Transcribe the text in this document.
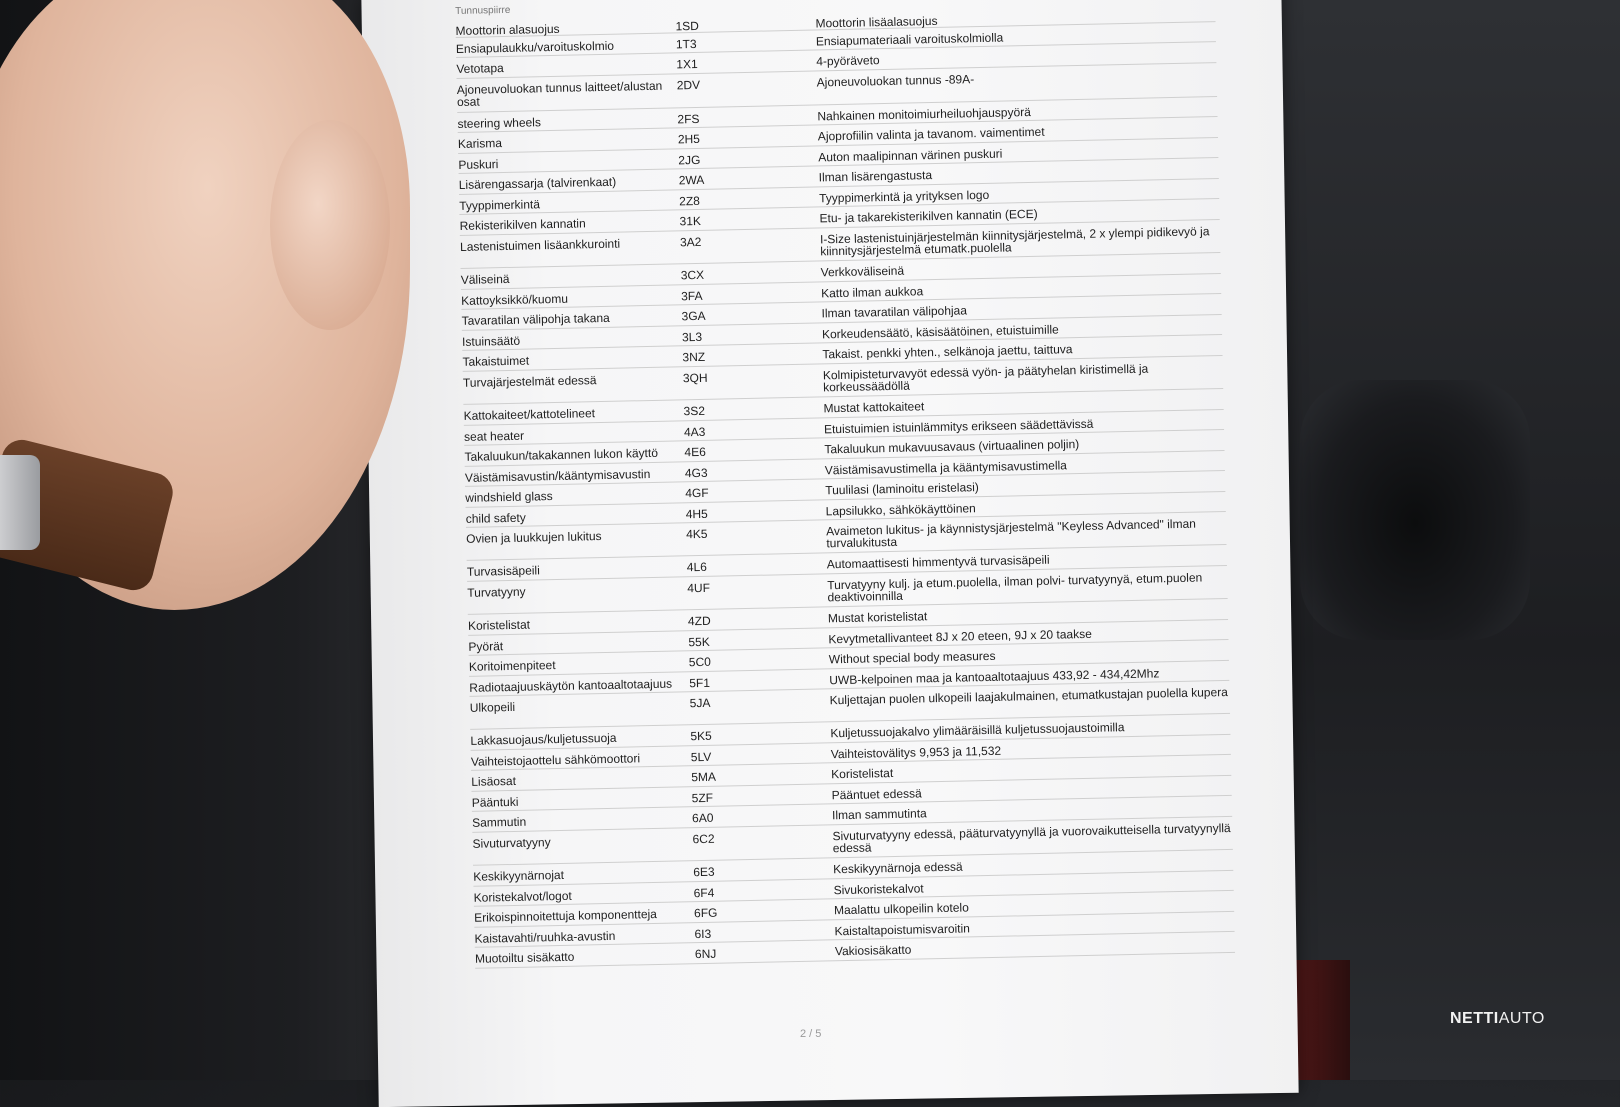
Tunnuspiirre
Moottorin alasuojus	1SD	Moottorin lisäalasuojus
Ensiapulaukku/varoituskolmio	1T3	Ensiapumateriaali varoituskolmiolla
Vetotapa	1X1	4-pyöräveto
Ajoneuvoluokan tunnus laitteet/alustan osat
2DV	Ajoneuvoluokan tunnus -89A-
steering wheels	2FS	Nahkainen monitoimiurheiluohjauspyörä
Karisma	2H5	Ajoprofiilin valinta ja tavanom. vaimentimet
Puskuri	2JG	Auton maalipinnan värinen puskuri
Lisärengassarja (talvirenkaat)	2WA	Ilman lisärengastusta
Tyyppimerkintä	2Z8	Tyyppimerkintä ja yrityksen logo
Rekisterikilven kannatin	31K	Etu- ja takarekisterikilven kannatin (ECE)
Lastenistuimen lisäankkurointi	3A2	I-Size lastenistuinjärjestelmän kiinnitysjärjestelmä, 2 x ylempi pidikevyö ja kiinnitysjärjestelmä etumatk.puolella
Väliseinä	3CX	Verkkoväliseinä
Kattoyksikkö/kuomu	3FA	Katto ilman aukkoa
Tavaratilan välipohja takana	3GA	Ilman tavaratilan välipohjaa
Istuinsäätö	3L3	Korkeudensäätö, käsisäätöinen, etuistuimille
Takaistuimet	3NZ	Takaist. penkki yhten., selkänoja jaettu, taittuva
Turvajärjestelmät edessä	3QH	Kolmipisteturvavyöt edessä vyön- ja päätyhelan kiristimellä ja korkeussäädöllä
Kattokaiteet/kattotelineet	3S2	Mustat kattokaiteet
seat heater	4A3	Etuistuimien istuinlämmitys erikseen säädettävissä
Takaluukun/takakannen lukon käyttö	4E6	Takaluukun mukavuusavaus (virtuaalinen poljin)
Väistämisavustin/kääntymisavustin	4G3	Väistämisavustimella ja kääntymisavustimella
windshield glass	4GF	Tuulilasi (laminoitu eristelasi)
child safety	4H5	Lapsilukko, sähkökäyttöinen
Ovien ja luukkujen lukitus	4K5	Avaimeton lukitus- ja käynnistysjärjestelmä "Keyless Advanced" ilman turvalukitusta
Turvasisäpeili	4L6	Automaattisesti himmentyvä turvasisäpeili
Turvatyyny	4UF	Turvatyyny kulj. ja etum.puolella, ilman polvi- turvatyynyä, etum.puolen deaktivoinnilla
Koristelistat	4ZD	Mustat koristelistat
Pyörät	55K	Kevytmetallivanteet 8J x 20 eteen, 9J x 20 taakse
Koritoimenpiteet	5C0	Without special body measures
Radiotaajuuskäytön kantoaaltotaajuus	5F1	UWB-kelpoinen maa ja kantoaaltotaajuus 433,92 - 434,42Mhz
Ulkopeili	5JA	Kuljettajan puolen ulkopeili laajakulmainen, etumatkustajan puolella kupera
Lakkasuojaus/kuljetussuoja	5K5	Kuljetussuojakalvo ylimääräisillä kuljetussuojaustoimilla
Vaihteistojaottelu sähkömoottori	5LV	Vaihteistovälitys 9,953 ja 11,532
Lisäosat	5MA	Koristelistat
Pääntuki	5ZF	Pääntuet edessä
Sammutin	6A0	Ilman sammutinta
Sivuturvatyyny	6C2	Sivuturvatyyny edessä, pääturvatyynyllä ja vuorovaikutteisella turvatyynyllä edessä
Keskikyynärnojat	6E3	Keskikyynärnoja edessä
Koristekalvot/logot	6F4	Sivukoristekalvot
Erikoispinnoitettuja komponentteja	6FG	Maalattu ulkopeilin kotelo
Kaistavahti/ruuhka-avustin	6I3	Kaistaltapoistumisvaroitin
Muotoiltu sisäkatto	6NJ	Vakiosisäkatto
2 / 5
NETTIAUTO
